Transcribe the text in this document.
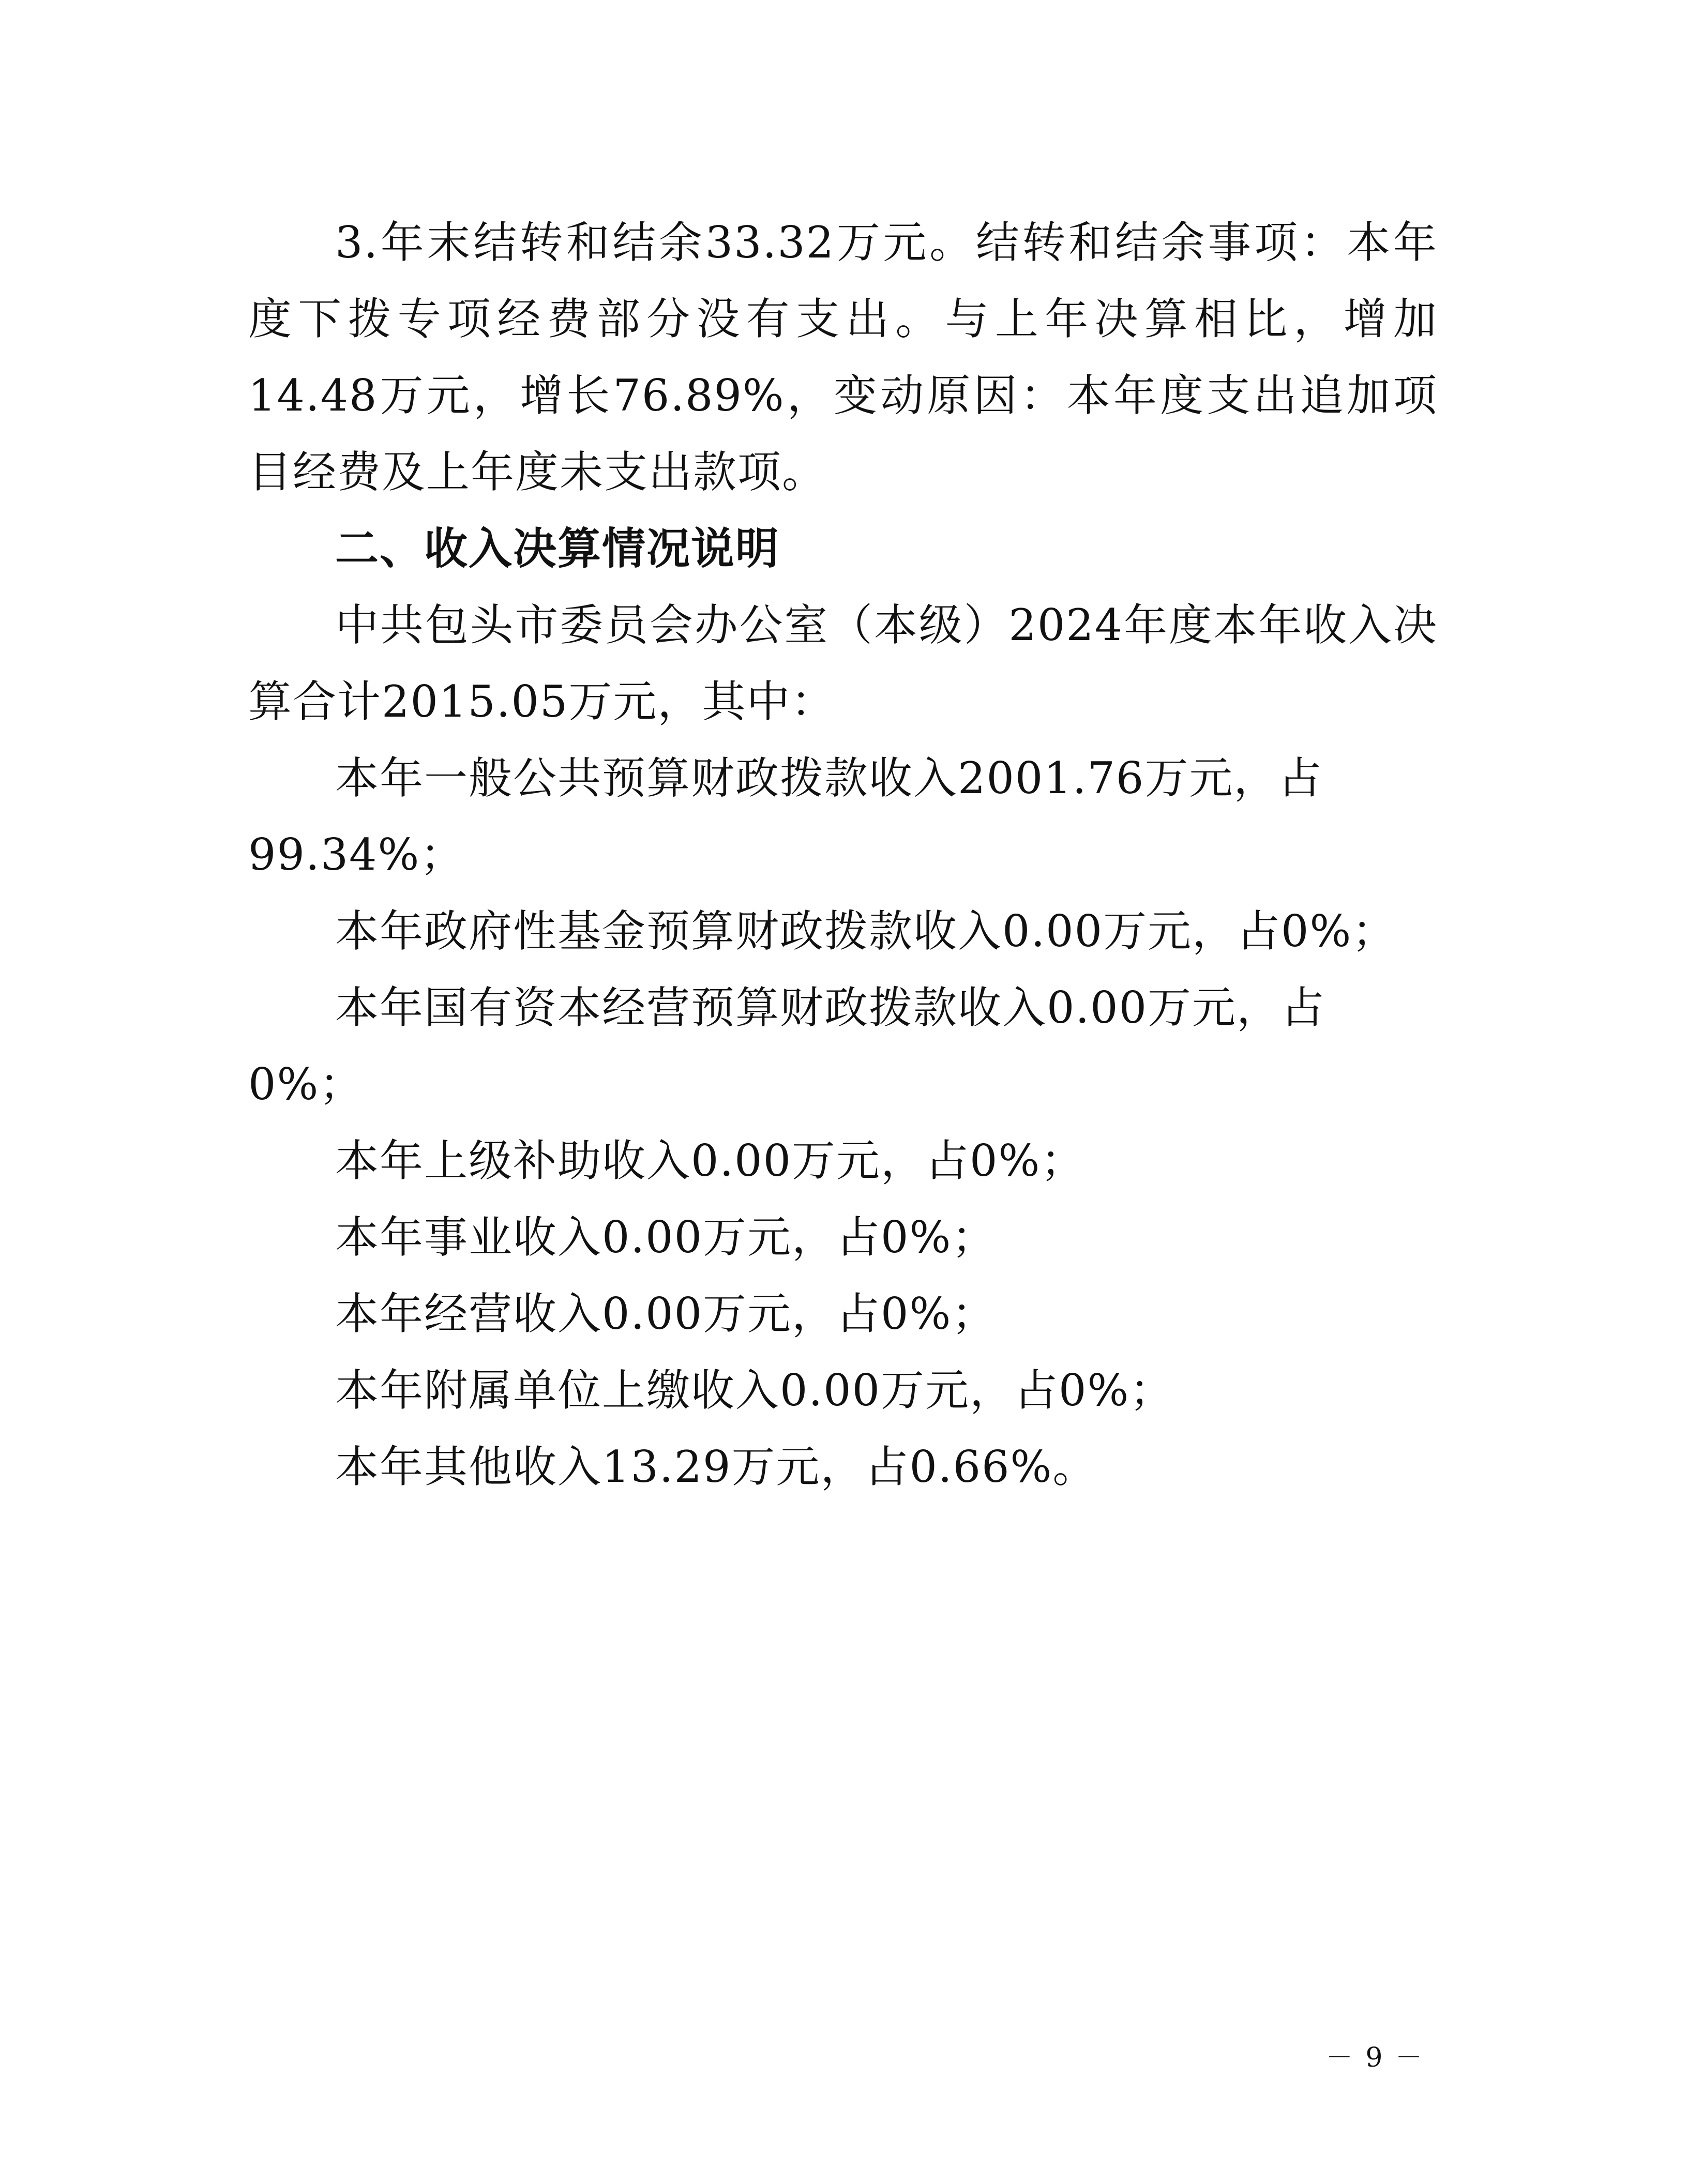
3.年末结转和结余33.32万元。结转和结余事项：本年度下拨专项经费部分没有支出。与上年决算相比，增加14.48万元，增长76.89%，变动原因：本年度支出追加项目经费及上年度未支出款项。

二、收入决算情况说明

中共包头市委员会办公室（本级）2024年度本年收入决算合计2015.05万元，其中：

本年一般公共预算财政拨款收入2001.76万元，占99.34%；

本年政府性基金预算财政拨款收入0.00万元，占0%；

本年国有资本经营预算财政拨款收入0.00万元，占0%；

本年上级补助收入0.00万元，占0%；

本年事业收入0.00万元，占0%；

本年经营收入0.00万元，占0%；

本年附属单位上缴收入0.00万元，占0%；

本年其他收入13.29万元，占0.66%。

－ 9 －
